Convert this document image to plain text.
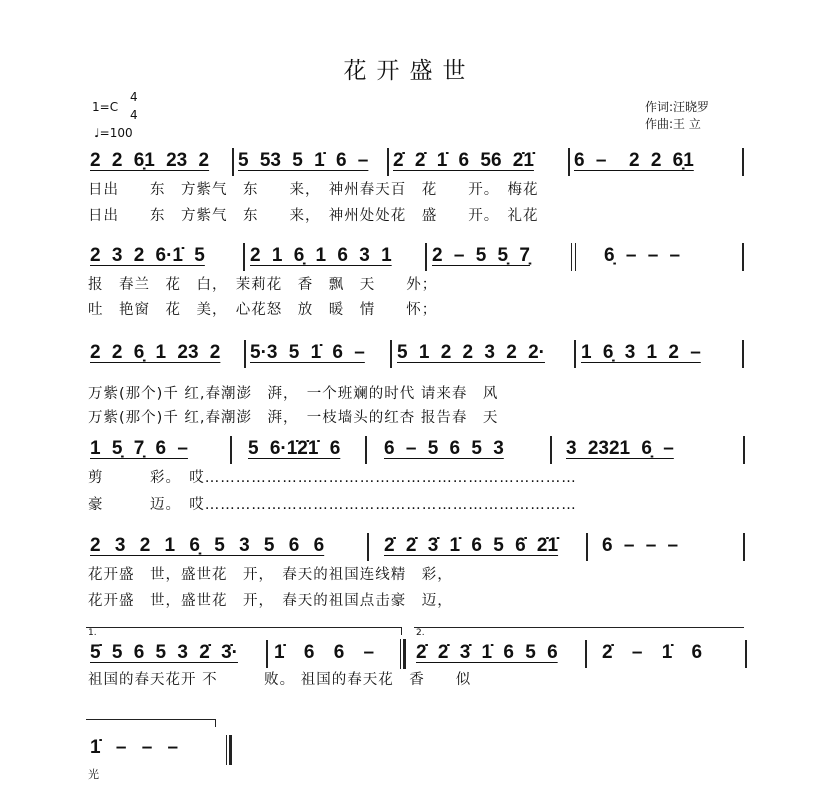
花开盛世
1=C
4
4
♩=100
作词:汪晓罗
作曲:王 立
2 2 6̣1 23 2	5 53 5 1̇ 6 –	2̇ 2̇ 1̇ 6 56 2̇1̇	6 –  2 2 6̣1
日出　　东　方紫气　东　　来，　神州春天百　花　　开。　梅花
日出　　东　方紫气　东　　来，　神州处处花　盛　　开。　礼花
2 3 2 6·1̇ 5	2 1 6̣ 1 6 3 1	2 – 5 5̣ 7̣	6̣ – – –
报　春兰　花　白，　茉莉花　香　飘　天　　外；
吐　艳窗　花　美，　心花怒　放　暖　情　　怀；
2 2 6̣ 1 23 2	5·3 5 1̇ 6 –	5 1 2 2 3 2 2·	1 6̣ 3 1 2 –
万紫(那个)千 红,春潮澎　湃，　一个班斓的时代 请来春　风
万紫(那个)千 红,春潮澎　湃，　一枝墙头的红杏 报告春　天
1 5̣ 7̣ 6 –	5 6·1̇2̇1̇ 6	6 – 5 6 5 3	3 2321 6̣ –
剪　　　彩。　哎………………………………………………………………
豪　　　迈。　哎………………………………………………………………
2 3 2 1 6̣ 5 3 5 6 6	2̇ 2̇ 3̇ 1̇ 6 5 6̇ 2̇1̇	6 – – –
花开盛　世，盛世花　开，　春天的祖国连线精　彩，
花开盛　世，盛世花　开，　春天的祖国点击豪　迈，
1.	2.
5̇ 5 6 5 3 2̇ 3̇·	1̇ 6 6 –	2̇ 2̇ 3̇ 1̇ 6 5 6	2̇ – 1̇ 6
祖国的春天花开 不　　　败。 祖国的春天花　香　　似
1̇ – – –
光
